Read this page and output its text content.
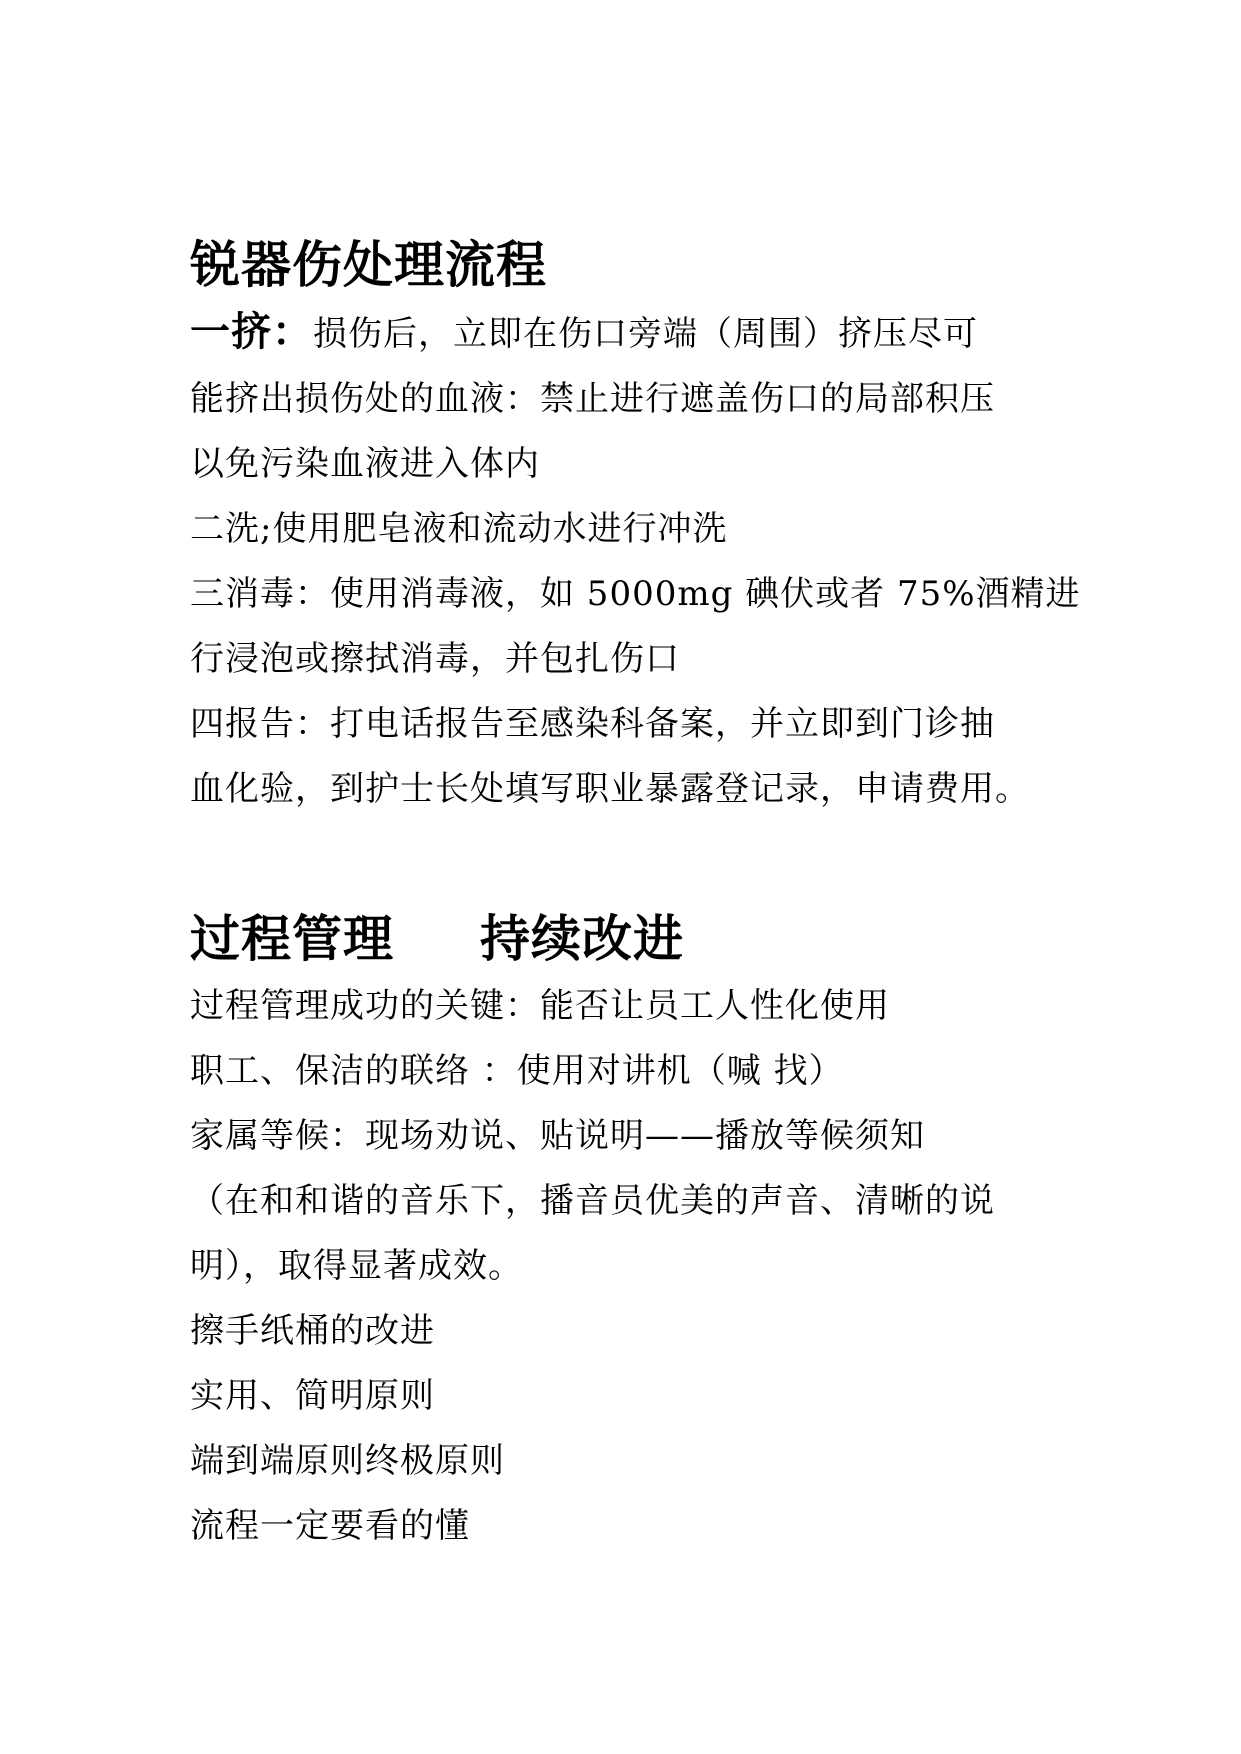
锐器伤处理流程
一挤：损伤后，立即在伤口旁端（周围）挤压尽可
能挤出损伤处的血液：禁止进行遮盖伤口的局部积压
以免污染血液进入体内
二洗;使用肥皂液和流动水进行冲洗
三消毒：使用消毒液，如 5000mg 碘伏或者 75%酒精进
行浸泡或擦拭消毒，并包扎伤口
四报告：打电话报告至感染科备案，并立即到门诊抽
血化验，到护士长处填写职业暴露登记录，申请费用。
过程管理 持续改进
过程管理成功的关键：能否让员工人性化使用
职工、保洁的联络 ：使用对讲机（喊 找）
家属等候：现场劝说、贴说明——播放等候须知
（在和和谐的音乐下，播音员优美的声音、清晰的说
明），取得显著成效。
擦手纸桶的改进
实用、简明原则
端到端原则终极原则
流程一定要看的懂
